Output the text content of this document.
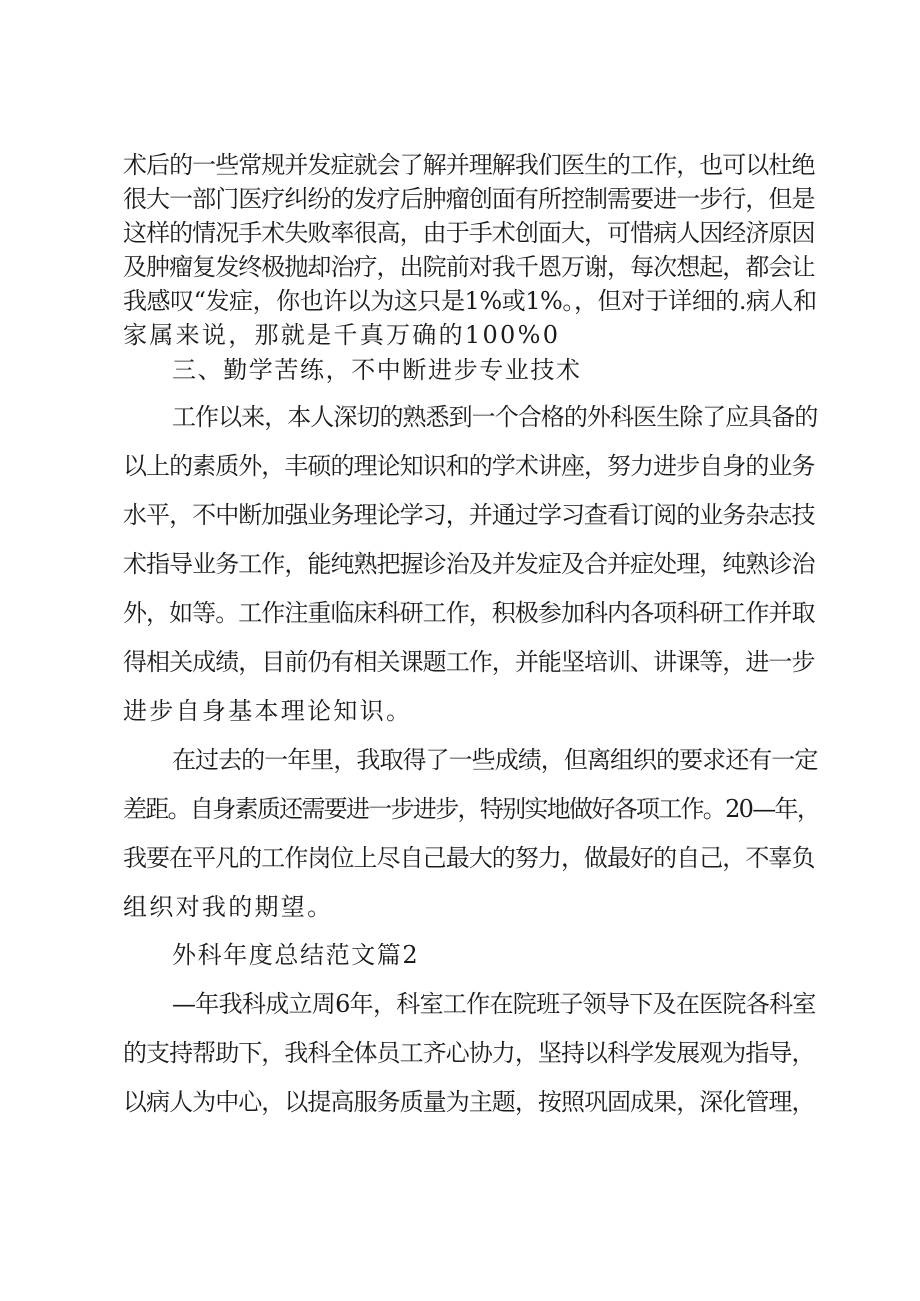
术后的一些常规并发症就会了解并理解我们医生的工作，也可以杜绝
很大一部门医疗纠纷的发疗后肿瘤创面有所控制需要进一步行，但是
这样的情况手术失败率很高，由于手术创面大，可惜病人因经济原因
及肿瘤复发终极抛却治疗，出院前对我千恩万谢，每次想起，都会让
我感叹“发症，你也许以为这只是1%或1%。，但对于详细的.病人和
家属来说，那就是千真万确的100%0
三、勤学苦练，不中断进步专业技术
工作以来，本人深切的熟悉到一个合格的外科医生除了应具备的
以上的素质外，丰硕的理论知识和的学术讲座，努力进步自身的业务
水平，不中断加强业务理论学习，并通过学习查看订阅的业务杂志技
术指导业务工作，能纯熟把握诊治及并发症及合并症处理，纯熟诊治
外，如等。工作注重临床科研工作，积极参加科内各项科研工作并取
得相关成绩，目前仍有相关课题工作，并能坚培训、讲课等，进一步
进步自身基本理论知识。
在过去的一年里，我取得了一些成绩，但离组织的要求还有一定
差距。自身素质还需要进一步进步，特别实地做好各项工作。20—年，
我要在平凡的工作岗位上尽自己最大的努力，做最好的自己，不辜负
组织对我的期望。
外科年度总结范文篇2
—年我科成立周6年，科室工作在院班子领导下及在医院各科室
的支持帮助下，我科全体员工齐心协力，坚持以科学发展观为指导，
以病人为中心，以提高服务质量为主题，按照巩固成果，深化管理，
